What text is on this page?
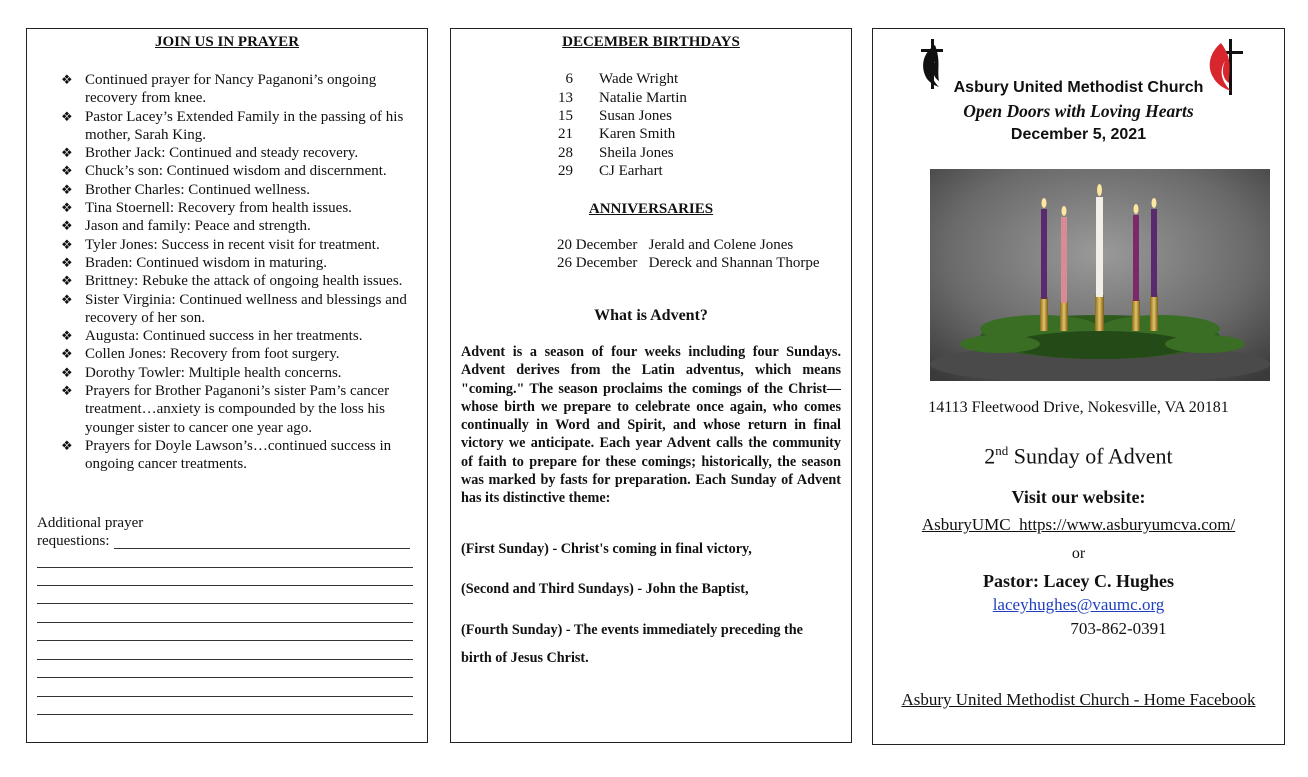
JOIN US IN PRAYER
❖ Continued prayer for Nancy Paganoni’s ongoing recovery from knee.
❖ Pastor Lacey’s Extended Family in the passing of his mother, Sarah King.
❖ Brother Jack: Continued and steady recovery.
❖ Chuck’s son: Continued wisdom and discernment.
❖ Brother Charles: Continued wellness.
❖ Tina Stoernell: Recovery from health issues.
❖ Jason and family: Peace and strength.
❖ Tyler Jones: Success in recent visit for treatment.
❖ Braden: Continued wisdom in maturing.
❖ Brittney: Rebuke the attack of ongoing health issues.
❖ Sister Virginia: Continued wellness and blessings and recovery of her son.
❖ Augusta: Continued success in her treatments.
❖ Collen Jones: Recovery from foot surgery.
❖ Dorothy Towler: Multiple health concerns.
❖ Prayers for Brother Paganoni’s sister Pam’s cancer treatment…anxiety is compounded by the loss his younger sister to cancer one year ago.
❖ Prayers for Doyle Lawson’s…continued success in ongoing cancer treatments.
Additional prayer
requestions:
DECEMBER BIRTHDAYS
6 Wade Wright
13 Natalie Martin
15 Susan Jones
21 Karen Smith
28 Sheila Jones
29 CJ Earhart
ANNIVERSARIES
20 December Jerald and Colene Jones
26 December Dereck and Shannan Thorpe
What is Advent?
Advent is a season of four weeks including four Sundays. Advent derives from the Latin adventus, which means "coming." The season proclaims the comings of the Christ—whose birth we prepare to celebrate once again, who comes continually in Word and Spirit, and whose return in final victory we anticipate. Each year Advent calls the community of faith to prepare for these comings; historically, the season was marked by fasts for preparation. Each Sunday of Advent has its distinctive theme:
(First Sunday) - Christ's coming in final victory,
(Second and Third Sundays) - John the Baptist,
(Fourth Sunday) - The events immediately preceding the
birth of Jesus Christ.
Asbury United Methodist Church
Open Doors with Loving Hearts
December 5, 2021
14113 Fleetwood Drive, Nokesville, VA 20181
2nd Sunday of Advent
Visit our website:
AsburyUMC_https://www.asburyumcva.com/
or
Pastor: Lacey C. Hughes
laceyhughes@vaumc.org
703-862-0391
Asbury United Methodist Church - Home Facebook
